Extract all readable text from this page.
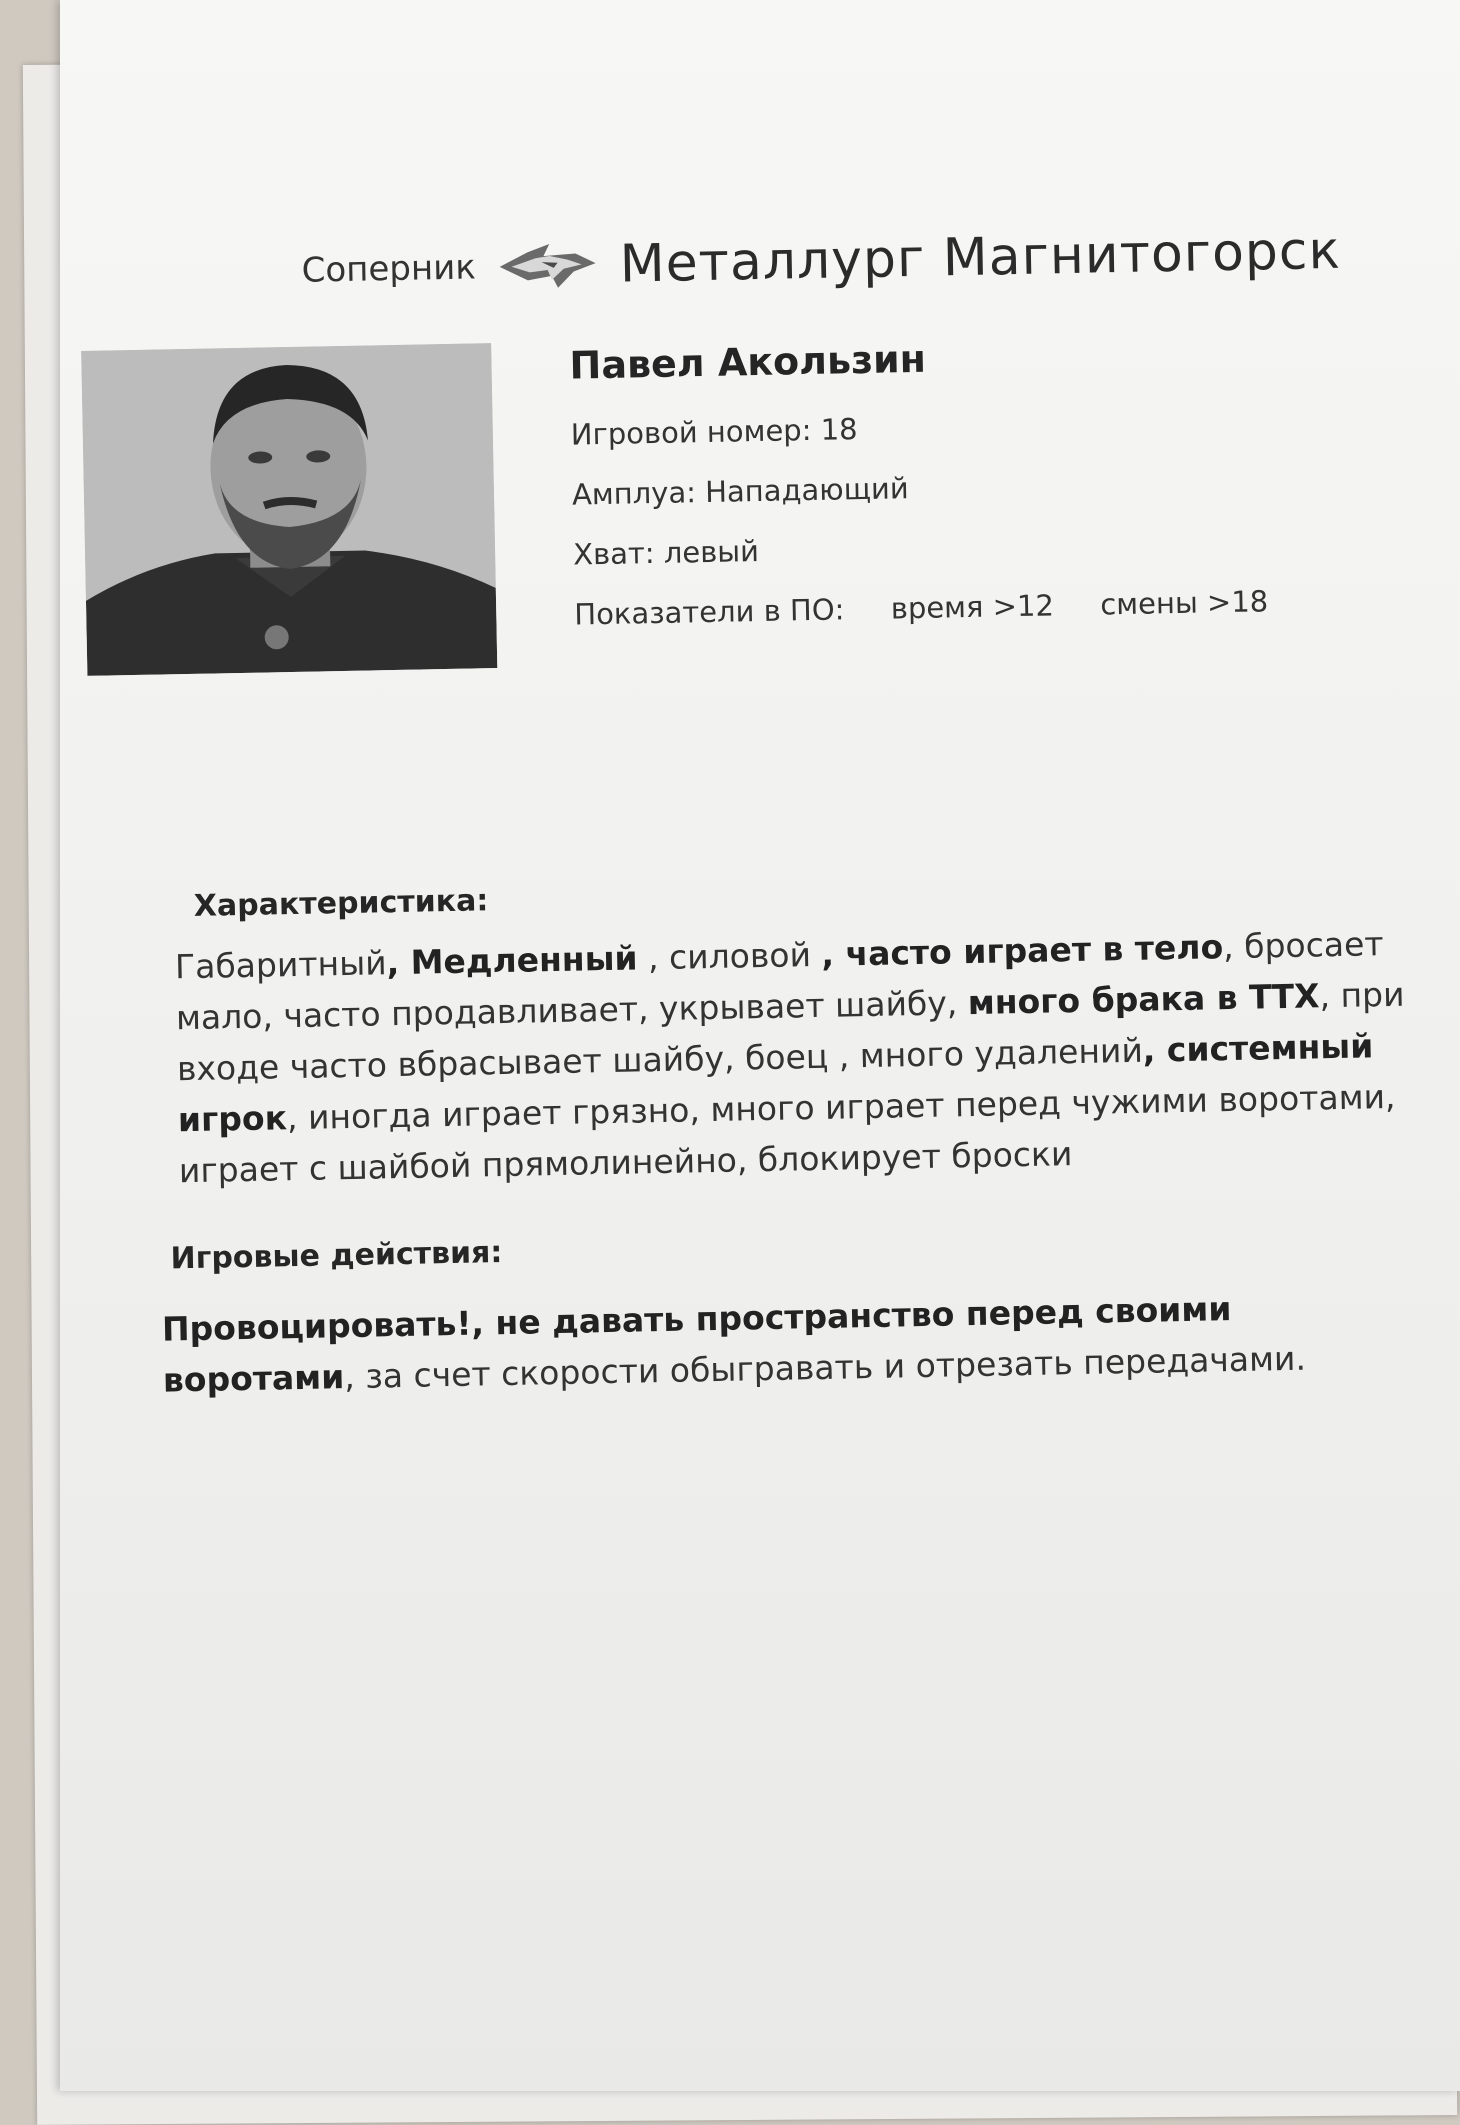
Соперник	Металлург Магнитогорск
Павел Акользин
Игровой номер: 18
Амплуа: Нападающий
Хват: левый
Показатели в ПО: время >12 смены >18
Характеристика:
Габаритный, Медленный , силовой , часто играет в тело, бросает мало, часто продавливает, укрывает шайбу, много брака в ТТХ, при входе часто вбрасывает шайбу, боец , много удалений, системный игрок, иногда играет грязно, много играет перед чужими воротами, играет с шайбой прямолинейно, блокирует броски
Игровые действия:
Провоцировать!, не давать пространство перед своими воротами, за счет скорости обыгравать и отрезать передачами.
